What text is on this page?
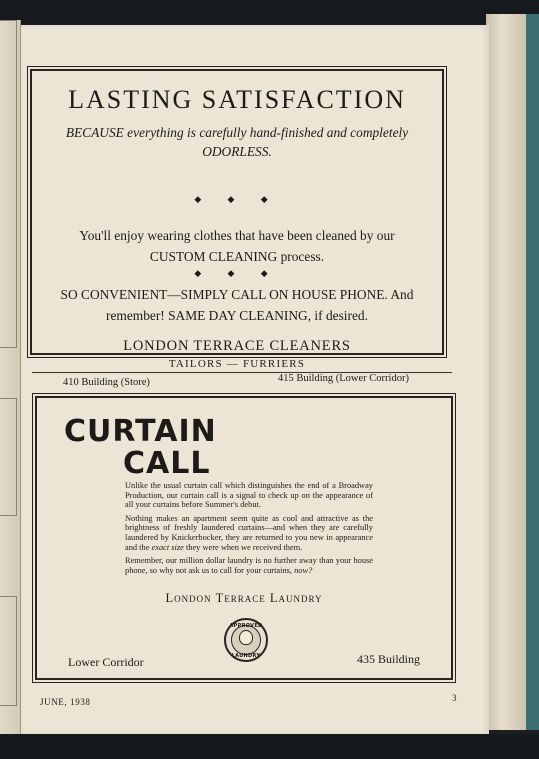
LASTING SATISFACTION
BECAUSE everything is carefully hand-finished and completely ODORLESS.
◆ ◆ ◆
You'll enjoy wearing clothes that have been cleaned by our CUSTOM CLEANING process.
◆ ◆ ◆
SO CONVENIENT—SIMPLY CALL ON HOUSE PHONE. And remember! SAME DAY CLEANING, if desired.
LONDON TERRACE CLEANERS
TAILORS — FURRIERS
410 Building (Store)	415 Building (Lower Corridor)
CURTAIN
CALL

Unlike the usual curtain call which distinguishes the end of a Broadway Production, our curtain call is a signal to check up on the appearance of all your curtains before Summer's debut.

Nothing makes an apartment seem quite as cool and attractive as the brightness of freshly laundered curtains—and when they are carefully laundered by Knickerbocker, they are returned to you new in appearance and the exact size they were when we received them.

Remember, our million dollar laundry is no further away than your house phone, so why not ask us to call for your curtains, now?

London Terrace Laundry
APPROVED
LAUNDRY
Lower Corridor	435 Building
JUNE, 1938	3
